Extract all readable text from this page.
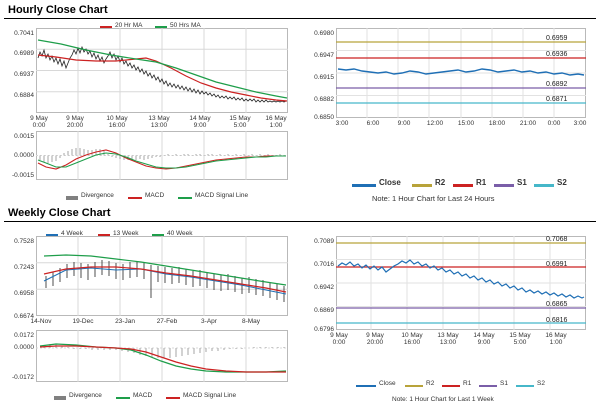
Hourly Close Chart
0.7041
0.6989
0.6937
0.6884
9 May
0:00
9 May
20:00
10 May
16:00
13 May
13:00
14 May
9:00
15 May
5:00
16 May
1:00
20 Hr MA	50 Hrs MA
0.0015
0.0000
-0.0015
Divergence	MACD	MACD Signal Line
0.6980
0.6947
0.6915
0.6882
0.6850
0.6959
0.6936
0.6892
0.6871
3:00	6:00	9:00	12:00	15:00	18:00	21:00	0:00	3:00
Close	R2	R1	S1	S2
Note: 1 Hour Chart for Last 24 Hours
Weekly Close Chart
0.7528
0.7243
0.6958
0.6674
14-Nov	19-Dec	23-Jan	27-Feb	3-Apr	8-May
4 Week	13 Week	40 Week
0.0172
0.0000
-0.0172
Divergence	MACD	MACD Signal Line
0.7089
0.7016
0.6942
0.6869
0.6796
0.7068
0.6991
0.6865
0.6816
9 May
0:00
9 May
20:00
10 May
16:00
13 May
13:00
14 May
9:00
15 May
5:00
16 May
1:00
Close	R2	R1	S1	S2
Note: 1 Hour Chart for Last 1 Week
